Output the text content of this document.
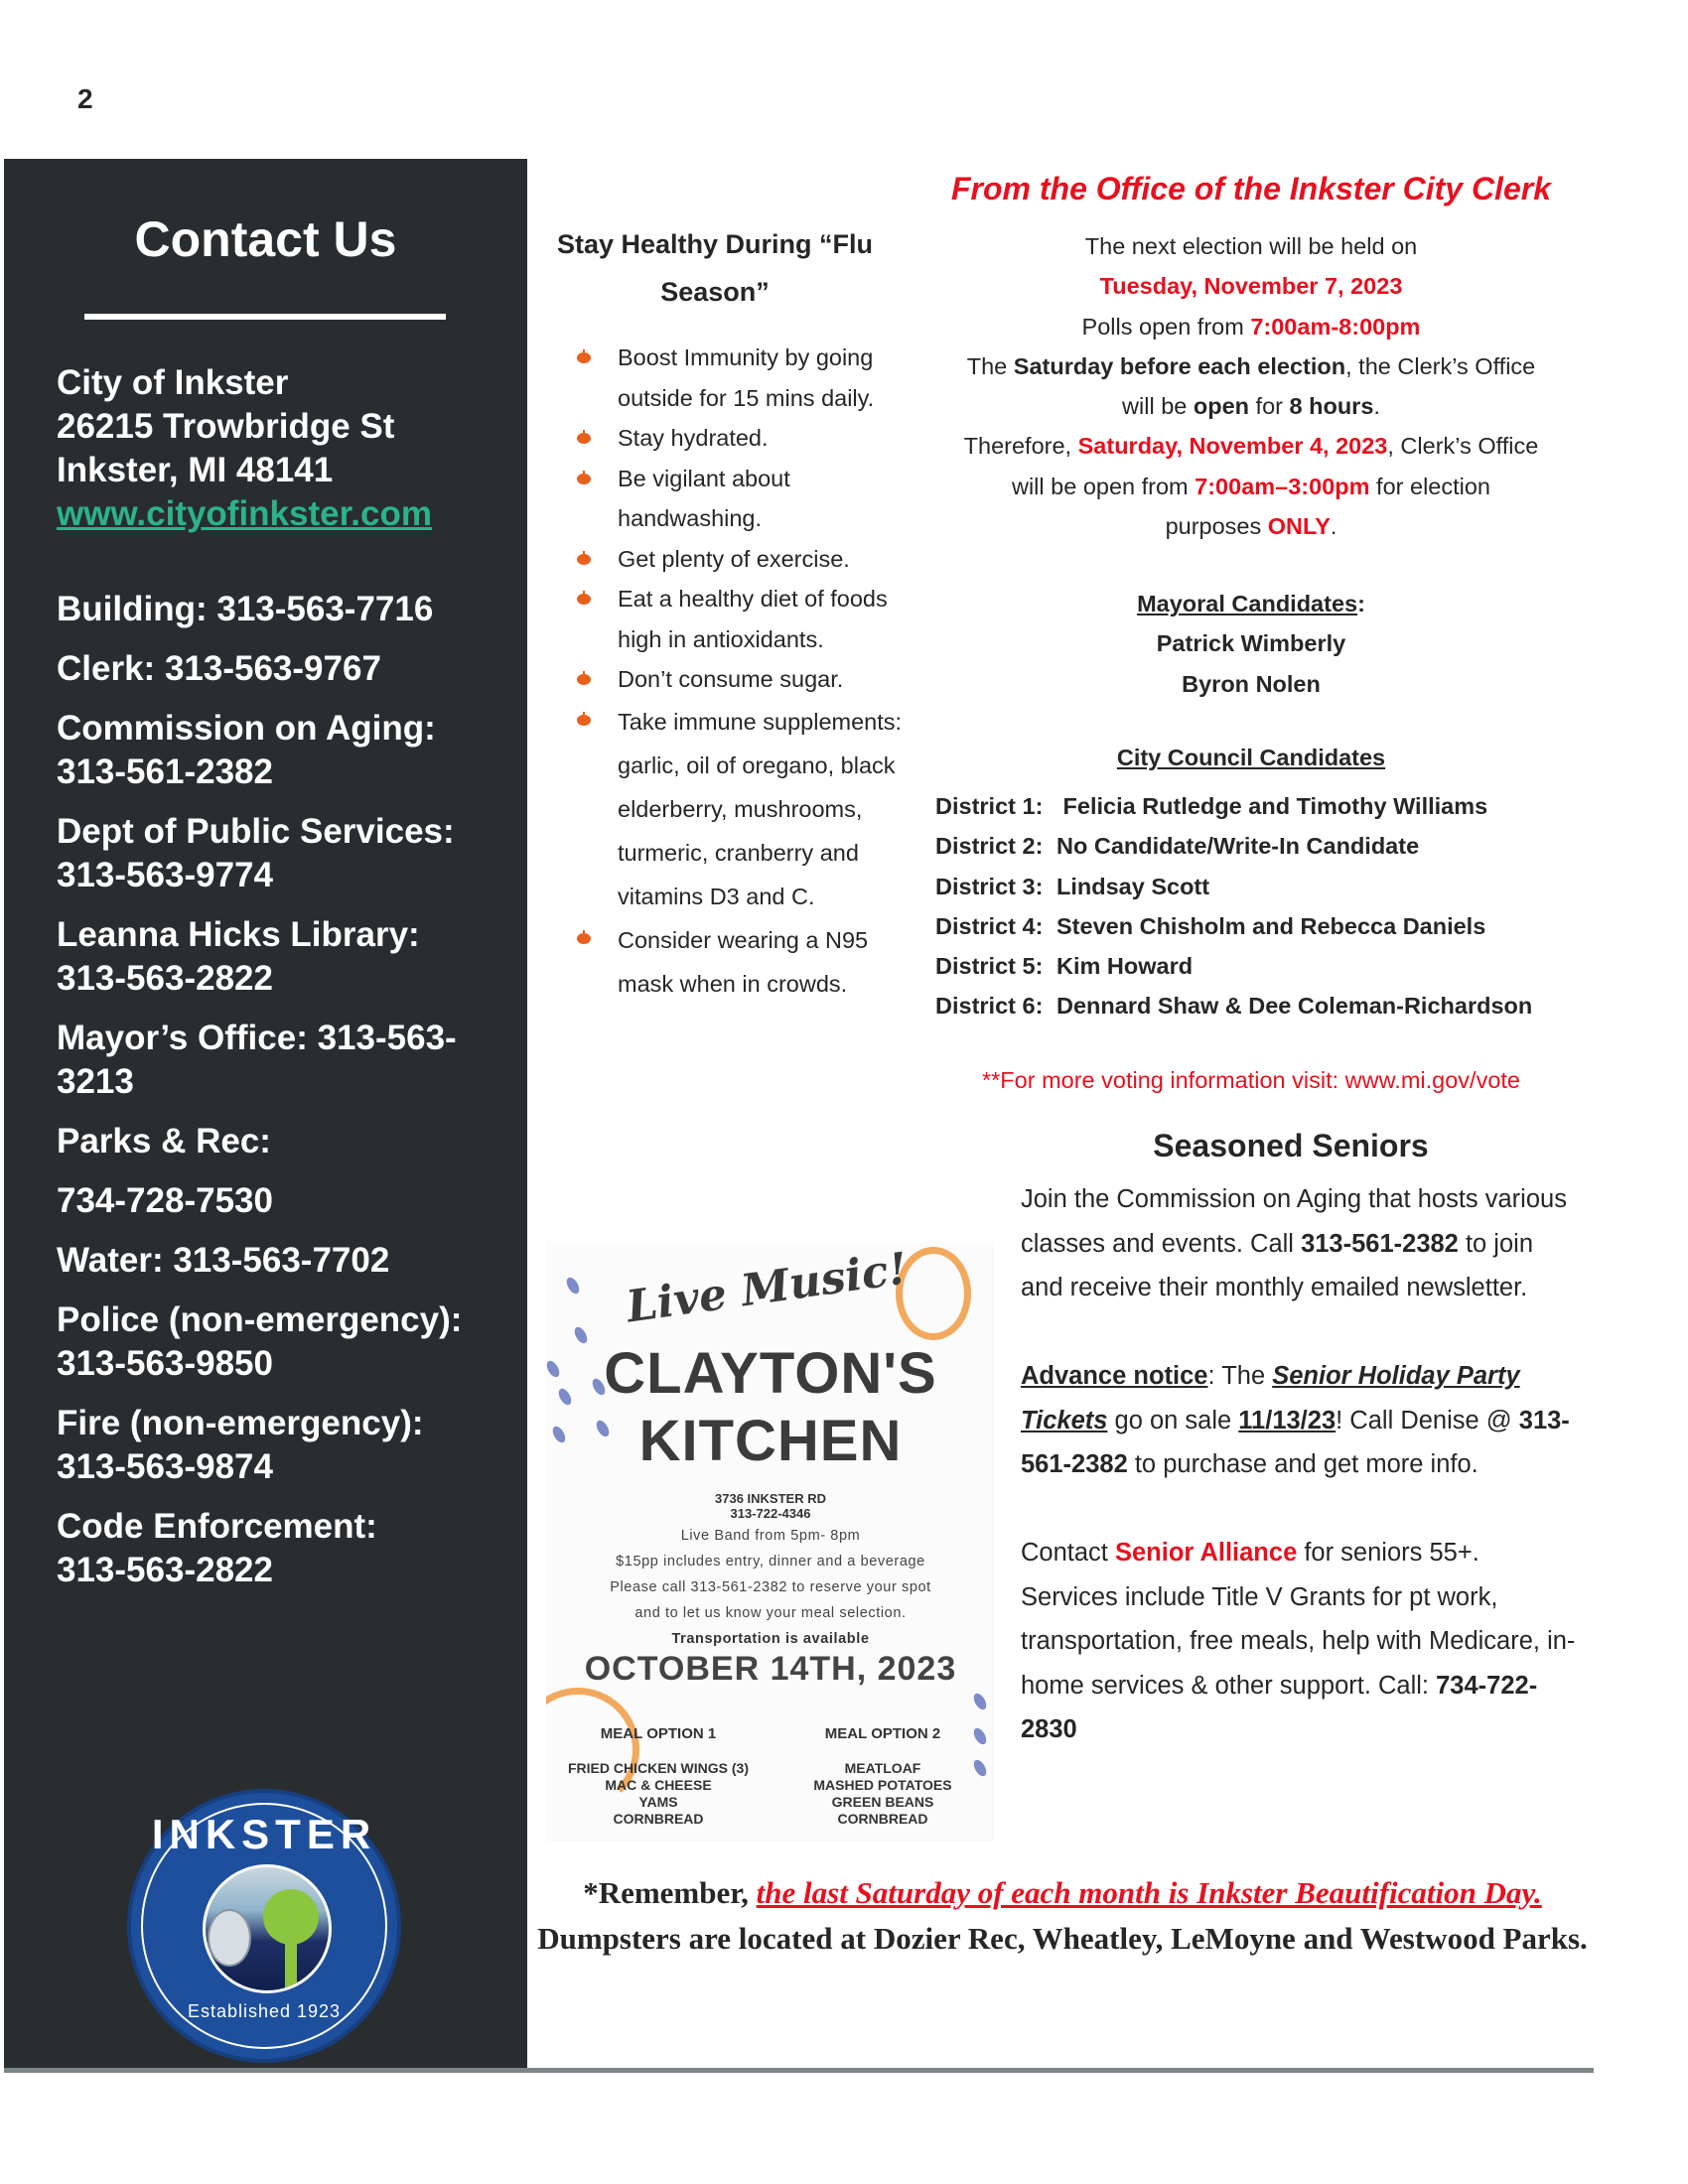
2
Contact Us
City of Inkster
26215 Trowbridge St
Inkster, MI 48141
www.cityofinkster.com
Building: 313-563-7716
Clerk: 313-563-9767
Commission on Aging:
313-561-2382
Dept of Public Services: 313-563-9774
Leanna Hicks Library:
313-563-2822
Mayor’s Office: 313-563-3213
Parks & Rec:
734-728-7530
Water: 313-563-7702
Police (non-emergency): 313-563-9850
Fire (non-emergency):
313-563-9874
Code Enforcement:
313-563-2822
INKSTER
Established 1923
Stay Healthy During “Flu Season”
Boost Immunity by going outside for 15 mins daily.
Stay hydrated.
Be vigilant about handwashing.
Get plenty of exercise.
Eat a healthy diet of foods high in antioxidants.
Don’t consume sugar.
Take immune supplements: garlic, oil of oregano, black elderberry, mushrooms, turmeric, cranberry and vitamins D3 and C.
Consider wearing a N95 mask when in crowds.
Live Music!
CLAYTON'S
KITCHEN
3736 INKSTER RD
313-722-4346
Live Band from 5pm- 8pm
$15pp includes entry, dinner and a beverage
Please call 313-561-2382 to reserve your spot
and to let us know your meal selection.
Transportation is available
OCTOBER 14TH, 2023
MEAL OPTION 1
FRIED CHICKEN WINGS (3)
MAC & CHEESE
YAMS
CORNBREAD
MEAL OPTION 2
MEATLOAF
MASHED POTATOES
GREEN BEANS
CORNBREAD
From the Office of the Inkster City Clerk
The next election will be held on
Tuesday, November 7, 2023
Polls open from 7:00am-8:00pm
The Saturday before each election, the Clerk’s Office
will be open for 8 hours.
Therefore, Saturday, November 4, 2023, Clerk’s Office
will be open from 7:00am–3:00pm for election
purposes ONLY.
Mayoral Candidates:
Patrick Wimberly
Byron Nolen
City Council Candidates
District 1: Felicia Rutledge and Timothy Williams
District 2: No Candidate/Write-In Candidate
District 3: Lindsay Scott
District 4: Steven Chisholm and Rebecca Daniels
District 5: Kim Howard
District 6: Dennard Shaw & Dee Coleman-Richardson
**For more voting information visit: www.mi.gov/vote
Seasoned Seniors

Join the Commission on Aging that hosts various classes and events. Call 313-561-2382 to join and receive their monthly emailed newsletter.

Advance notice: The Senior Holiday Party Tickets go on sale 11/13/23! Call Denise @ 313-561-2382 to purchase and get more info.

Contact Senior Alliance for seniors 55+. Services include Title V Grants for pt work, transportation, free meals, help with Medicare, in-home services & other support. Call: 734-722-2830

*Remember, the last Saturday of each month is Inkster Beautification Day.
Dumpsters are located at Dozier Rec, Wheatley, LeMoyne and Westwood Parks.
